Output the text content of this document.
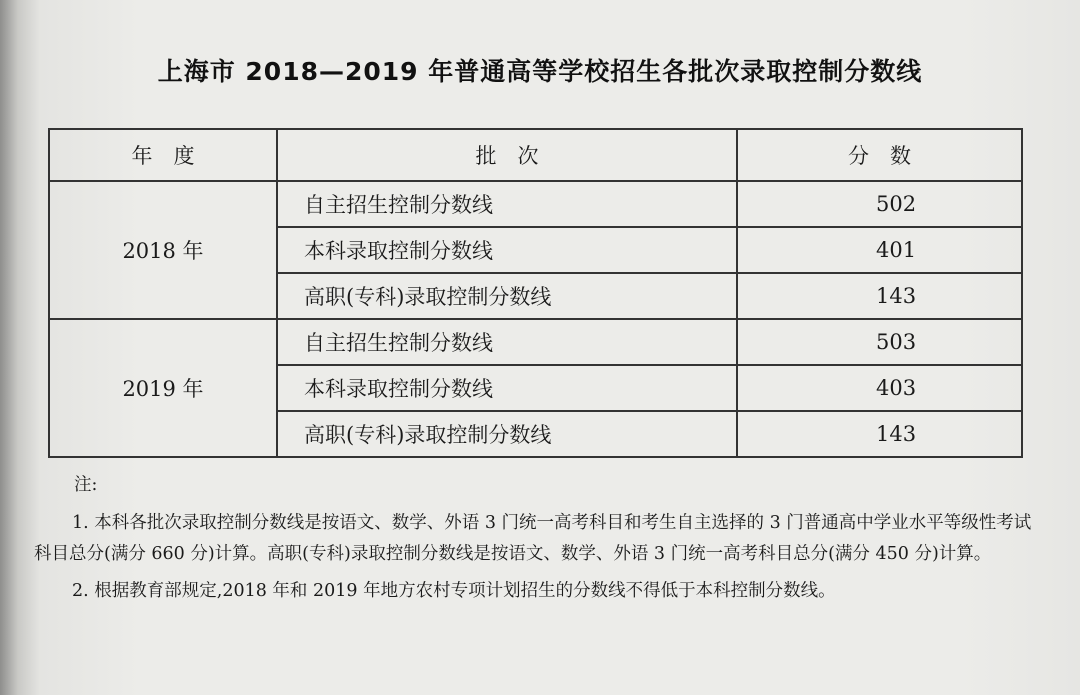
上海市 2018—2019 年普通高等学校招生各批次录取控制分数线
年　度	批　次	分　数
2018 年	自主招生控制分数线	502
	本科录取控制分数线	401
	高职(专科)录取控制分数线	143
2019 年	自主招生控制分数线	503
	本科录取控制分数线	403
	高职(专科)录取控制分数线	143
注:

1. 本科各批次录取控制分数线是按语文、数学、外语 3 门统一高考科目和考生自主选择的 3 门普通高中学业水平等级性考试科目总分(满分 660 分)计算。高职(专科)录取控制分数线是按语文、数学、外语 3 门统一高考科目总分(满分 450 分)计算。

2. 根据教育部规定,2018 年和 2019 年地方农村专项计划招生的分数线不得低于本科控制分数线。
